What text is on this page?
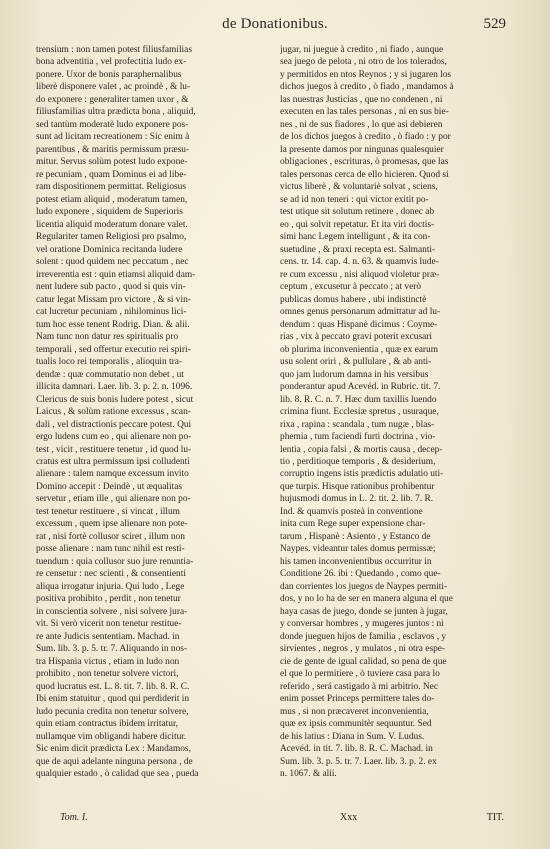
de Donationibus.	529

trensium : non tamen potest filiusfamilias

bona adventitia , vel profectitia ludo ex-

ponere. Uxor de bonis paraphernalibus

liberè disponere valet , ac proindè , & lu-

do exponere : generaliter tamen uxor , &

filiusfamilias ultra prædicta bona , aliquid,

sed tantùm moderatè ludo exponere pos-

sunt ad licitam recreationem : Sic enim à

parentibus , & maritis permissum præsu-

mitur. Servus solùm potest ludo expone-

re pecuniam , quam Dominus ei ad libe-

ram dispositionem permittat. Religiosus

potest etiam aliquid , moderatum tamen,

ludo exponere , siquidem de Superioris

licentia aliquid moderatum donare valet.

Regulariter tamen Religiosi pro psalmo,

vel oratione Dominica recitanda ludere

solent : quod quidem nec peccatum , nec

irreverentia est : quin etiamsi aliquid dam-

nent ludere sub pacto , quod si quis vin-

catur legat Missam pro victore , & si vin-

cat lucretur pecuniam , nihilominus lici-

tum hoc esse tenent Rodrig. Dian. & alii.

Nam tunc non datur res spiritualis pro

temporali , sed offertur executio rei spiri-

tualis loco rei temporalis , alioquin tra-

dendæ : quæ commutatio non debet , ut

illicita damnari. Laer. lib. 3. p. 2. n. 1096.

Clericus de suis bonis ludere potest , sicut

Laicus , & solùm ratione excessus , scan-

dali , vel distractionis peccare potest. Qui

ergo ludens cum eo , qui alienare non po-

test , vicit , restituere tenetur , id quod lu-

cratus est ultra permissum ipsi colludenti

alienare : talem namque excessum invito

Domino accepit : Deindè , ut æqualitas

servetur , etiam ille , qui alienare non po-

test tenetur restituere , si vincat , illum

excessum , quem ipse alienare non pote-

rat , nisi fortè collusor sciret , illum non

posse alienare : nam tunc nihil est resti-

tuendum : quia collusor suo jure renuntia-

re censetur : nec scienti , & consentienti

aliqua irrogatur injuria. Qui ludo , Lege

positiva prohibito , perdit , non tenetur

in conscientia solvere , nisi solvere jura-

vit. Si verò vicerit non tenetur restitue-

re ante Judicis sententiam. Machad. in

Sum. lib. 3. p. 5. tr. 7. Aliquando in nos-

tra Hispania victus , etiam in ludo non

prohibito , non tenetur solvere victori,

quod lucratus est. L. 8. tit. 7. lib. 8. R. C.

Ibi enim statuitur , quod qui perdiderit in

ludo pecunia credita non tenetur solvere,

quin etiam contractus ibidem irritatur,

nullamque vim obligandi habere dicitur.

Sic enim dicit prædicta Lex : Mandamos,

que de aqui adelante ninguna persona , de

qualquier estado , ò calidad que sea , pueda

jugar, ni juegue à credito , ni fiado , aunque

sea juego de pelota , ni otro de los tolerados,

y permitidos en ntos Reynos ; y si jugaren los

dichos juegos à credito , ò fiado , mandamos à

las nuestras Justicias , que no condenen , ni

executen en las tales personas , ni en sus bie-

nes , ni de sus fiadores , lo que asi debieren

de los dichos juegos à credito , ò fiado : y por

la presente damos por ningunas qualesquier

obligaciones , escrituras, ò promesas, que las

tales personas cerca de ello hicieren. Quod si

victus liberè , & voluntariè solvat , sciens,

se ad id non teneri : qui victor exitit po-

test utique sit solutum retinere , donec ab

eo , qui solvit repetatur. Et ita viri doctis-

simi hanc Legem intelligunt , & ita con-

suetudine , & praxi recepta est. Salmanti-

cens. tr. 14. cap. 4. n. 63. & quamvis lude-

re cum excessu , nisi aliquod violetur præ-

ceptum , excusetur à peccato ; at verò

publicas domus habere , ubi indistinctè

omnes genus personarum admittatur ad lu-

dendum : quas Hispanè dicimus : Coyme-

rias , vix à peccato gravi poterit excusari

ob plurima inconvenientia , quæ ex earum

usu solent oriri , & pullulare , & ab anti-

quo jam ludorum damna in his versibus

ponderantur apud Acevéd. in Rubric. tit. 7.

lib. 8. R. C. n. 7. Hæc dum taxillis luendo

crimina fiunt. Ecclesiæ spretus , usuraque,

rixa , rapina : scandala , tum nugæ , blas-

phemia , tum faciendi furti doctrina , vio-

lentia , copia falsi , & mortis causa , decep-

tio , perditioque temporis , & desiderium,

corruptio ingens istis prædictis adulatio uti-

que turpis. Hisque rationibus prohibentur

hujusmodi domus in L. 2. tit. 2. lib. 7. R.

Ind. & quamvis posteà in conventione

inita cum Rege super expensione char-

tarum , Hispanè : Asiento , y Estanco de

Naypes. videantur tales domus permissæ;

his tamen inconvenientibus occurritur in

Conditione 26. ibi : Quedando , como que-

dan corrientes los juegos de Naypes permiti-

dos, y no lo ha de ser en manera alguna el que

haya casas de juego, donde se junten à jugar,

y conversar hombres , y mugeres juntos : ni

donde jueguen hijos de familia , esclavos , y

sirvientes , negros , y mulatos , ni otra espe-

cie de gente de igual calidad, so pena de que

el que lo permitiere , ò tuviere casa para lo

referido , será castigado à mi arbitrio. Nec

enim posset Princeps permittere tales do-

mus , si non præcaveret inconvenientia,

quæ ex ipsis communitèr sequuntur. Sed

de his latius : Diana in Sum. V. Ludus.

Acevéd. in tit. 7. lib. 8. R. C. Machad. in

Sum. lib. 3. p. 5. tr. 7. Laer. lib. 3. p. 2. ex

n. 1067. & alii.

Tom. I.	Xxx	TIT.
